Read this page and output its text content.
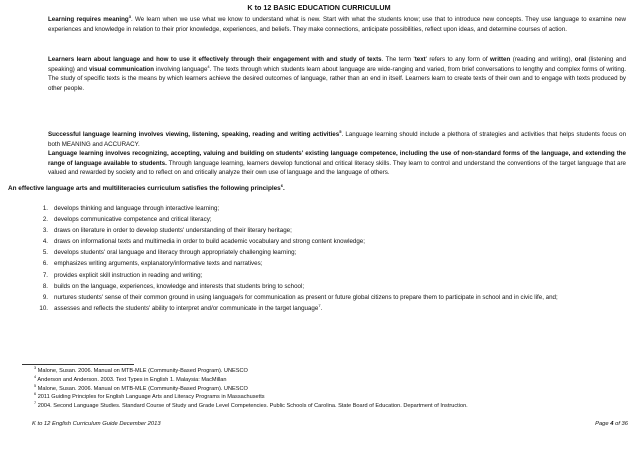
K to 12 BASIC EDUCATION CURRICULUM
Learning requires meaning$^3$. We learn when we use what we know to understand what is new. Start with what the students know; use that to introduce new concepts. They use language to examine new experiences and knowledge in relation to their prior knowledge, experiences, and beliefs. They make connections, anticipate possibilities, reflect upon ideas, and determine courses of action.
Learners learn about language and how to use it effectively through their engagement with and study of texts. The term 'text' refers to any form of written (reading and writing), oral (listening and speaking) and visual communication involving language$^4$. The texts through which students learn about language are wide-ranging and varied, from brief conversations to lengthy and complex forms of writing. The study of specific texts is the means by which learners achieve the desired outcomes of language, rather than an end in itself. Learners learn to create texts of their own and to engage with texts produced by other people.
Successful language learning involves viewing, listening, speaking, reading and writing activities$^5$. Language learning should include a plethora of strategies and activities that helps students focus on both MEANING and ACCURACY.
Language learning involves recognizing, accepting, valuing and building on students' existing language competence, including the use of non-standard forms of the language, and extending the range of language available to students. Through language learning, learners develop functional and critical literacy skills. They learn to control and understand the conventions of the target language that are valued and rewarded by society and to reflect on and critically analyze their own use of language and the language of others.
An effective language arts and multiliteracies curriculum satisfies the following principles$^6$.
1. develops thinking and language through interactive learning;
2. develops communicative competence and critical literacy;
3. draws on literature in order to develop students' understanding of their literary heritage;
4. draws on informational texts and multimedia in order to build academic vocabulary and strong content knowledge;
5. develops students' oral language and literacy through appropriately challenging learning;
6. emphasizes writing arguments, explanatory/informative texts and narratives;
7. provides explicit skill instruction in reading and writing;
8. builds on the language, experiences, knowledge and interests that students bring to school;
9. nurtures students' sense of their common ground in using language/s for communication as present or future global citizens to prepare them to participate in school and in civic life, and;
10. assesses and reflects the students' ability to interpret and/or communicate in the target language$^7$.
$^3$ Malone, Susan. 2006. Manual on MTB-MLE (Community-Based Program). UNESCO
$^4$ Anderson and Anderson. 2003. Text Types in English 1. Malaysia: MacMillan
$^5$ Malone, Susan. 2006. Manual on MTB-MLE (Community-Based Program). UNESCO
$^6$ 2011 Guiding Principles for English Language Arts and Literacy Programs in Massachusetts
$^7$ 2004. Second Language Studies. Standard Course of Study and Grade Level Competencies. Public Schools of Carolina. State Board of Education. Department of Instruction.
K to 12 English Curriculum Guide December 2013	Page 4 of 36
